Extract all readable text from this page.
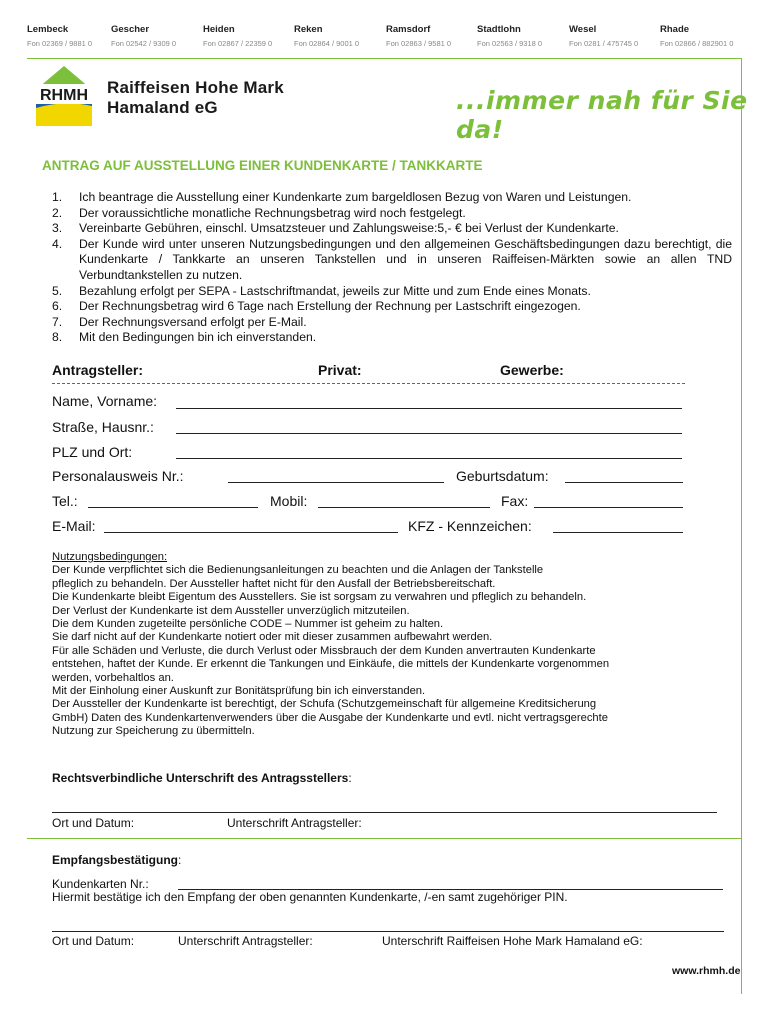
Lembeck
Fon 02369 / 9881 0
Gescher
Fon 02542 / 9309 0
Heiden
Fon 02867 / 22359 0
Reken
Fon 02864 / 9001 0
Ramsdorf
Fon 02863 / 9581 0
Stadtlohn
Fon 02563 / 9318 0
Wesel
Fon 0281 / 475745 0
Rhade
Fon 02866 / 882901 0
RHMH Raiffeisen Hohe Mark
Hamaland eG	...immer nah für Sie da!
ANTRAG AUF AUSSTELLUNG EINER KUNDENKARTE / TANKKARTE
1. Ich beantrage die Ausstellung einer Kundenkarte zum bargeldlosen Bezug von Waren und Leistungen.
2. Der voraussichtliche monatliche Rechnungsbetrag wird noch festgelegt.
3. Vereinbarte Gebühren, einschl. Umsatzsteuer und Zahlungsweise:5,- € bei Verlust der Kundenkarte.
4. Der Kunde wird unter unseren Nutzungsbedingungen und den allgemeinen Geschäftsbedingungen dazu berechtigt, die Kundenkarte / Tankkarte an unseren Tankstellen und in unseren Raiffeisen-Märkten sowie an allen TND Verbundtankstellen zu nutzen.
5. Bezahlung erfolgt per SEPA - Lastschriftmandat, jeweils zur Mitte und zum Ende eines Monats.
6. Der Rechnungsbetrag wird 6 Tage nach Erstellung der Rechnung per Lastschrift eingezogen.
7. Der Rechnungsversand erfolgt per E-Mail.
8. Mit den Bedingungen bin ich einverstanden.
Antragsteller:	Privat:	Gewerbe:
Name, Vorname:
Straße, Hausnr.:
PLZ und Ort:
Personalausweis Nr.:	Geburtsdatum:
Tel.:	Mobil:	Fax:
E-Mail:	KFZ - Kennzeichen:
Nutzungsbedingungen:
Der Kunde verpflichtet sich die Bedienungsanleitungen zu beachten und die Anlagen der Tankstelle
pfleglich zu behandeln. Der Aussteller haftet nicht für den Ausfall der Betriebsbereitschaft.
Die Kundenkarte bleibt Eigentum des Ausstellers. Sie ist sorgsam zu verwahren und pfleglich zu behandeln.
Der Verlust der Kundenkarte ist dem Aussteller unverzüglich mitzuteilen.
Die dem Kunden zugeteilte persönliche CODE – Nummer ist geheim zu halten.
Sie darf nicht auf der Kundenkarte notiert oder mit dieser zusammen aufbewahrt werden.
Für alle Schäden und Verluste, die durch Verlust oder Missbrauch der dem Kunden anvertrauten Kundenkarte
entstehen, haftet der Kunde. Er erkennt die Tankungen und Einkäufe, die mittels der Kundenkarte vorgenommen
werden, vorbehaltlos an.
Mit der Einholung einer Auskunft zur Bonitätsprüfung bin ich einverstanden.
Der Aussteller der Kundenkarte ist berechtigt, der Schufa (Schutzgemeinschaft für allgemeine Kreditsicherung
GmbH) Daten des Kundenkartenverwenders über die Ausgabe der Kundenkarte und evtl. nicht vertragsgerechte
Nutzung zur Speicherung zu übermitteln.
Rechtsverbindliche Unterschrift des Antragsstellers:
Ort und Datum:	Unterschrift Antragsteller:
Empfangsbestätigung:
Kundenkarten Nr.:
Hiermit bestätige ich den Empfang der oben genannten Kundenkarte, /-en samt zugehöriger PIN.
Ort und Datum:	Unterschrift Antragsteller:	Unterschrift Raiffeisen Hohe Mark Hamaland eG:
www.rhmh.de
